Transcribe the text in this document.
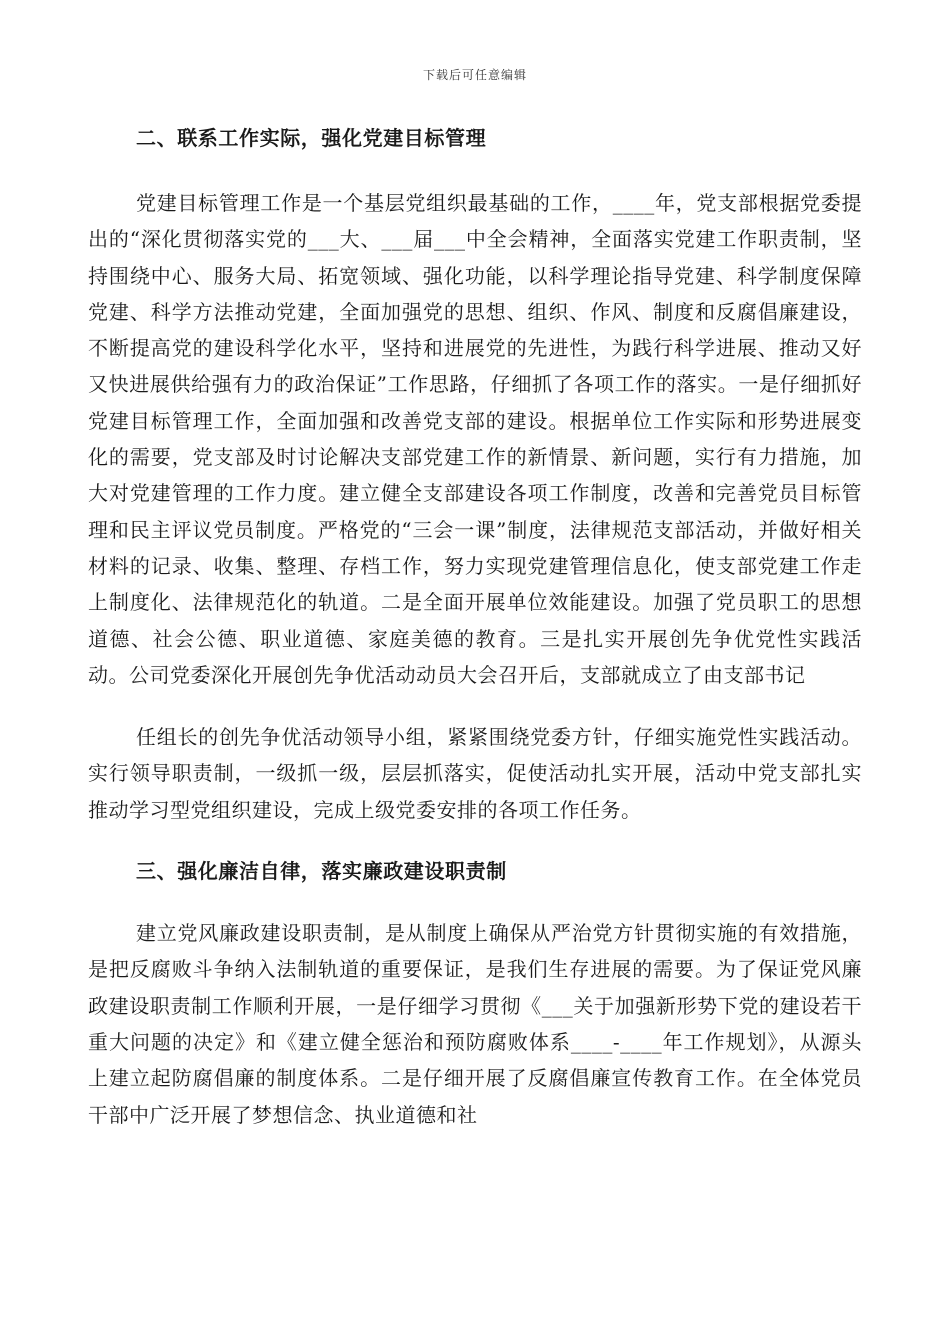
下载后可任意编辑
二、联系工作实际，强化党建目标管理

党建目标管理工作是一个基层党组织最基础的工作，____年，党支部根据党委提出的“深化贯彻落实党的___大、___届___中全会精神，全面落实党建工作职责制，坚持围绕中心、服务大局、拓宽领域、强化功能，以科学理论指导党建、科学制度保障党建、科学方法推动党建，全面加强党的思想、组织、作风、制度和反腐倡廉建设，不断提高党的建设科学化水平，坚持和进展党的先进性，为践行科学进展、推动又好又快进展供给强有力的政治保证”工作思路，仔细抓了各项工作的落实。一是仔细抓好党建目标管理工作，全面加强和改善党支部的建设。根据单位工作实际和形势进展变化的需要，党支部及时讨论解决支部党建工作的新情景、新问题，实行有力措施，加大对党建管理的工作力度。建立健全支部建设各项工作制度，改善和完善党员目标管理和民主评议党员制度。严格党的“三会一课”制度，法律规范支部活动，并做好相关材料的记录、收集、整理、存档工作，努力实现党建管理信息化，使支部党建工作走上制度化、法律规范化的轨道。二是全面开展单位效能建设。加强了党员职工的思想道德、社会公德、职业道德、家庭美德的教育。三是扎实开展创先争优党性实践活动。公司党委深化开展创先争优活动动员大会召开后，支部就成立了由支部书记

任组长的创先争优活动领导小组，紧紧围绕党委方针，仔细实施党性实践活动。实行领导职责制，一级抓一级，层层抓落实，促使活动扎实开展，活动中党支部扎实推动学习型党组织建设，完成上级党委安排的各项工作任务。

三、强化廉洁自律，落实廉政建设职责制

建立党风廉政建设职责制，是从制度上确保从严治党方针贯彻实施的有效措施，是把反腐败斗争纳入法制轨道的重要保证，是我们生存进展的需要。为了保证党风廉政建设职责制工作顺利开展，一是仔细学习贯彻《___关于加强新形势下党的建设若干重大问题的决定》和《建立健全惩治和预防腐败体系____-____年工作规划》，从源头上建立起防腐倡廉的制度体系。二是仔细开展了反腐倡廉宣传教育工作。在全体党员干部中广泛开展了梦想信念、执业道德和社
